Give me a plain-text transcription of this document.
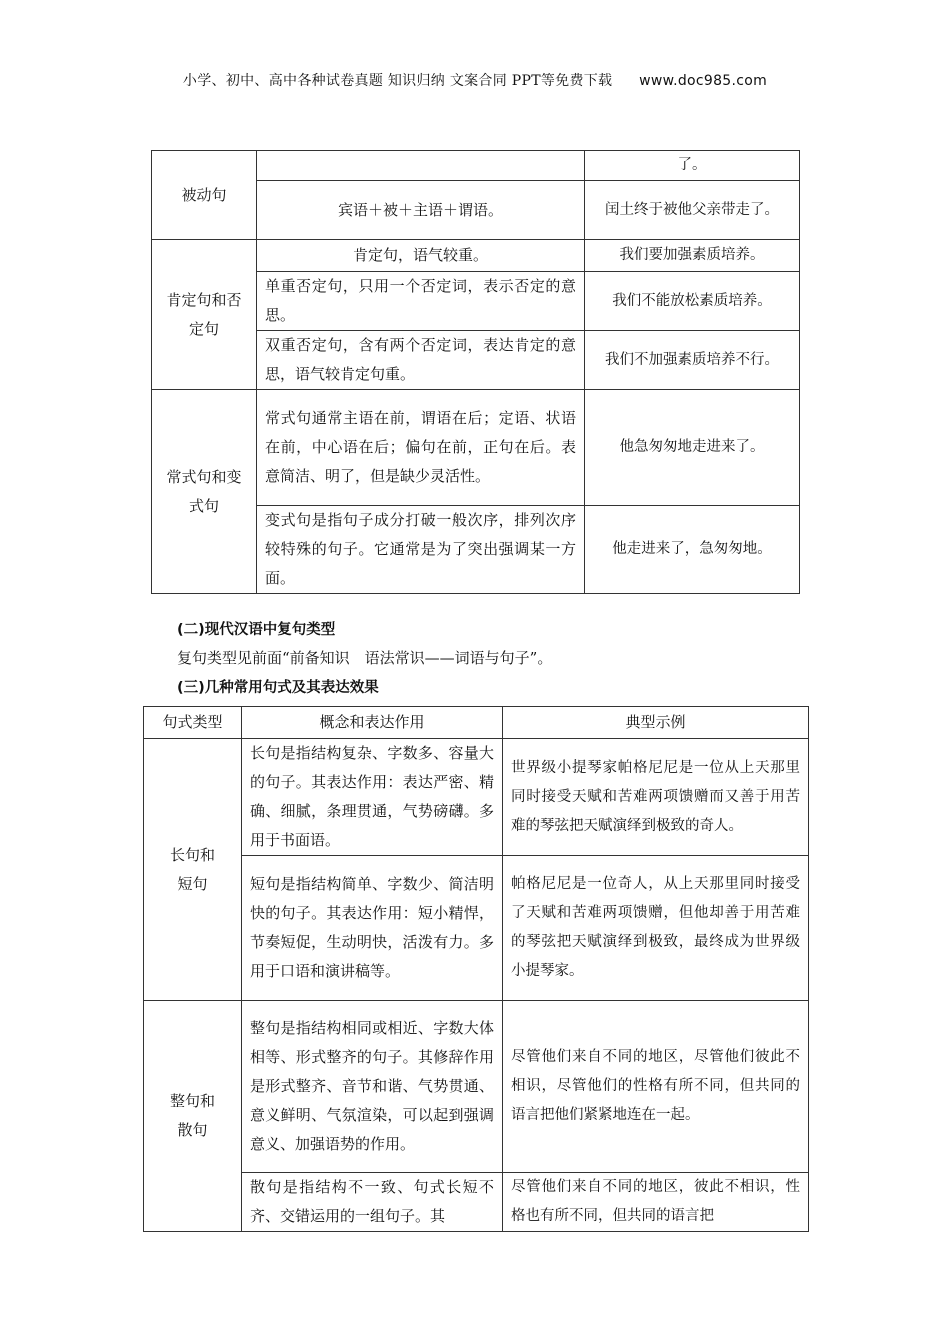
小学、初中、高中各种试卷真题 知识归纳 文案合同 PPT等免费下载 www.doc985.com
被动句		了。
	宾语＋被＋主语＋谓语。	闰土终于被他父亲带走了。
肯定句和否定句	肯定句，语气较重。	我们要加强素质培养。
	单重否定句，只用一个否定词，表示否定的意思。	我们不能放松素质培养。
	双重否定句，含有两个否定词，表达肯定的意思，语气较肯定句重。	我们不加强素质培养不行。
常式句和变式句	常式句通常主语在前，谓语在后；定语、状语在前，中心语在后；偏句在前，正句在后。表意简洁、明了，但是缺少灵活性。	他急匆匆地走进来了。
	变式句是指句子成分打破一般次序，排列次序较特殊的句子。它通常是为了突出强调某一方面。	他走进来了，急匆匆地。
(二)现代汉语中复句类型
复句类型见前面“前备知识　语法常识——词语与句子”。
(三)几种常用句式及其表达效果
句式类型	概念和表达作用	典型示例
长句和短句	长句是指结构复杂、字数多、容量大的句子。其表达作用：表达严密、精确、细腻，条理贯通，气势磅礴。多用于书面语。	世界级小提琴家帕格尼尼是一位从上天那里同时接受天赋和苦难两项馈赠而又善于用苦难的琴弦把天赋演绎到极致的奇人。
	短句是指结构简单、字数少、简洁明快的句子。其表达作用：短小精悍，节奏短促，生动明快，活泼有力。多用于口语和演讲稿等。	帕格尼尼是一位奇人，从上天那里同时接受了天赋和苦难两项馈赠，但他却善于用苦难的琴弦把天赋演绎到极致，最终成为世界级小提琴家。
整句和散句	整句是指结构相同或相近、字数大体相等、形式整齐的句子。其修辞作用是形式整齐、音节和谐、气势贯通、意义鲜明、气氛渲染，可以起到强调意义、加强语势的作用。	尽管他们来自不同的地区，尽管他们彼此不相识，尽管他们的性格有所不同，但共同的语言把他们紧紧地连在一起。
	散句是指结构不一致、句式长短不齐、交错运用的一组句子。其	尽管他们来自不同的地区，彼此不相识，性格也有所不同，但共同的语言把
